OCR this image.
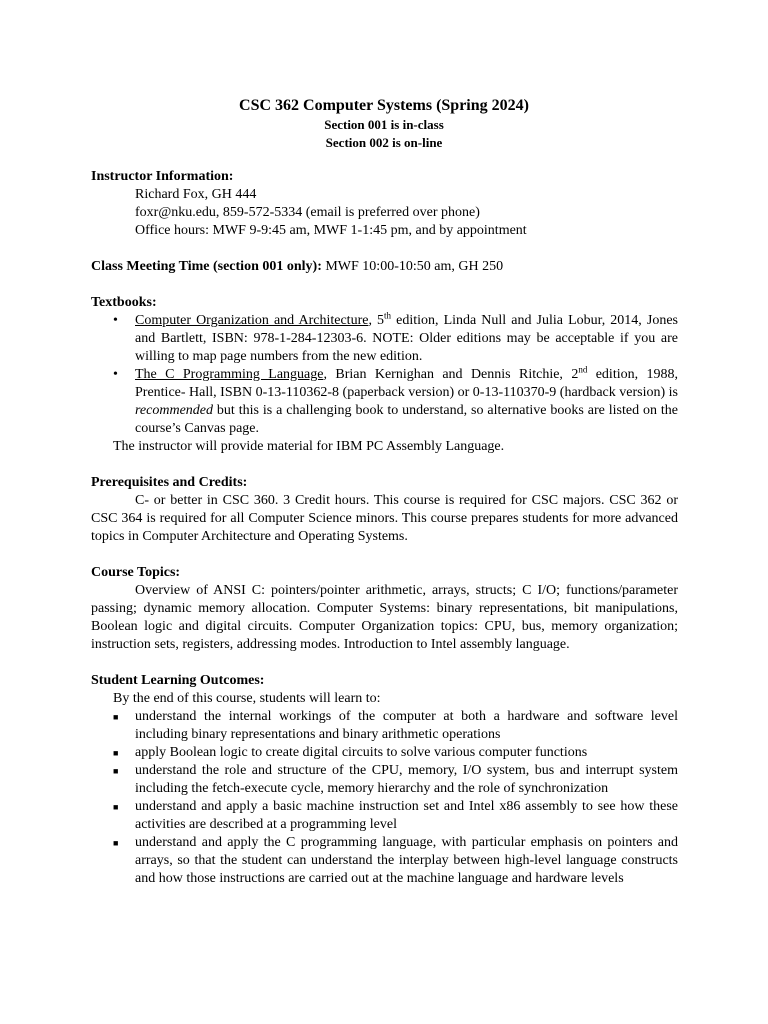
CSC 362 Computer Systems (Spring 2024)
Section 001 is in-class
Section 002 is on-line
Instructor Information:
Richard Fox, GH 444
foxr@nku.edu, 859-572-5334 (email is preferred over phone)
Office hours: MWF 9-9:45 am, MWF 1-1:45 pm, and by appointment
Class Meeting Time (section 001 only): MWF 10:00-10:50 am, GH 250
Textbooks:
• Computer Organization and Architecture, 5th edition, Linda Null and Julia Lobur, 2014, Jones and Bartlett, ISBN: 978-1-284-12303-6. NOTE: Older editions may be acceptable if you are willing to map page numbers from the new edition.
• The C Programming Language, Brian Kernighan and Dennis Ritchie, 2nd edition, 1988, Prentice- Hall, ISBN 0-13-110362-8 (paperback version) or 0-13-110370-9 (hardback version) is recommended but this is a challenging book to understand, so alternative books are listed on the course’s Canvas page.
The instructor will provide material for IBM PC Assembly Language.
Prerequisites and Credits:
C- or better in CSC 360. 3 Credit hours. This course is required for CSC majors. CSC 362 or CSC 364 is required for all Computer Science minors. This course prepares students for more advanced topics in Computer Architecture and Operating Systems.
Course Topics:
Overview of ANSI C: pointers/pointer arithmetic, arrays, structs; C I/O; functions/parameter passing; dynamic memory allocation. Computer Systems: binary representations, bit manipulations, Boolean logic and digital circuits. Computer Organization topics: CPU, bus, memory organization; instruction sets, registers, addressing modes. Introduction to Intel assembly language.
Student Learning Outcomes:
By the end of this course, students will learn to:
■ understand the internal workings of the computer at both a hardware and software level including binary representations and binary arithmetic operations
■ apply Boolean logic to create digital circuits to solve various computer functions
■ understand the role and structure of the CPU, memory, I/O system, bus and interrupt system including the fetch-execute cycle, memory hierarchy and the role of synchronization
■ understand and apply a basic machine instruction set and Intel x86 assembly to see how these activities are described at a programming level
■ understand and apply the C programming language, with particular emphasis on pointers and arrays, so that the student can understand the interplay between high-level language constructs and how those instructions are carried out at the machine language and hardware levels
